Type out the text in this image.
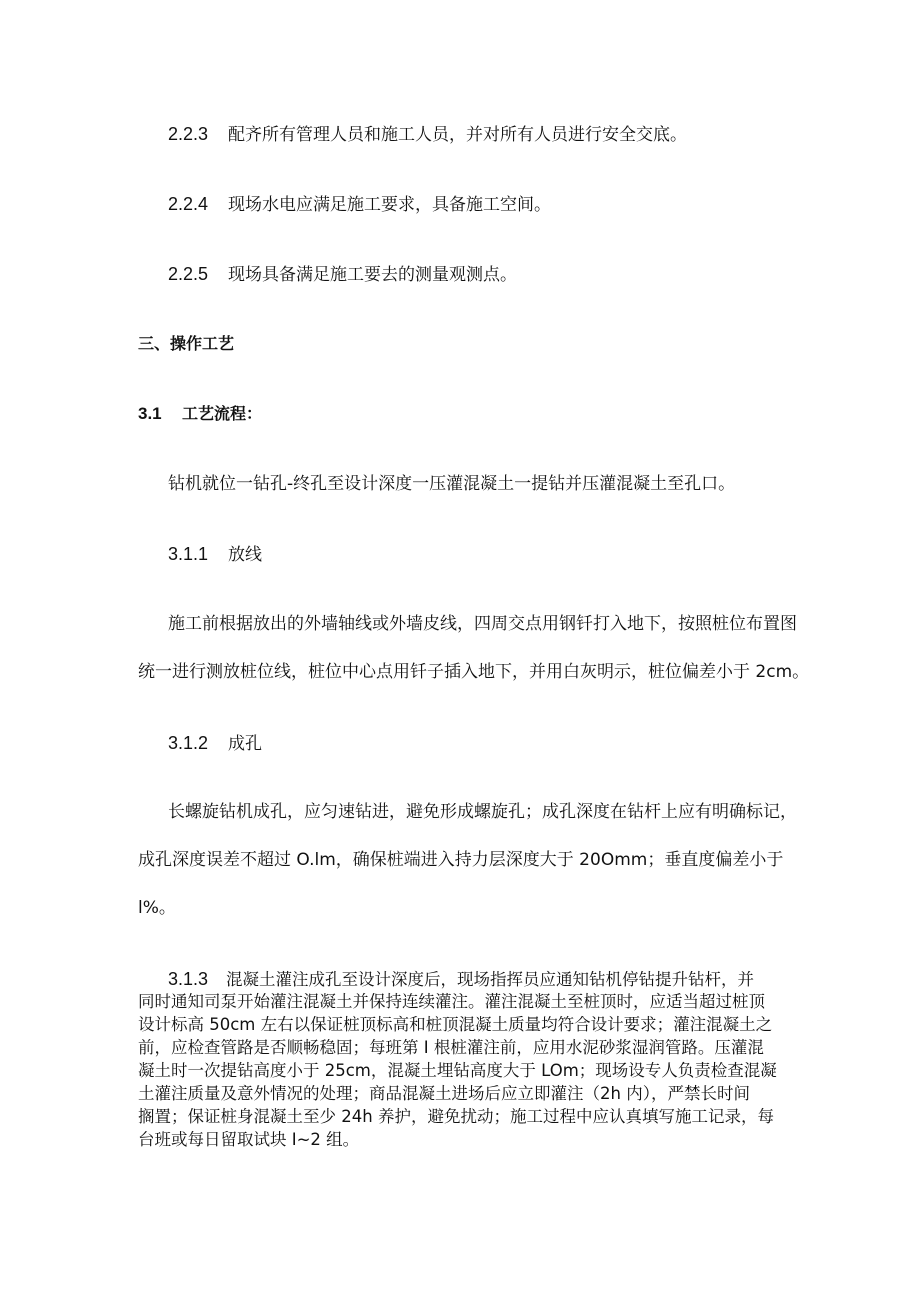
2.2.3 配齐所有管理人员和施工人员，并对所有人员进行安全交底。
2.2.4 现场水电应满足施工要求，具备施工空间。
2.2.5 现场具备满足施工要去的测量观测点。
三、操作工艺
3.1 工艺流程：
钻机就位一钻孔-终孔至设计深度一压灌混凝土一提钻并压灌混凝土至孔口。
3.1.1 放线
施工前根据放出的外墙轴线或外墙皮线，四周交点用钢钎打入地下，按照桩位布置图
统一进行测放桩位线，桩位中心点用钎子插入地下，并用白灰明示，桩位偏差小于 2cm。
3.1.2 成孔
长螺旋钻机成孔，应匀速钻进，避免形成螺旋孔；成孔深度在钻杆上应有明确标记，
成孔深度误差不超过 O.lm，确保桩端进入持力层深度大于 20Omm；垂直度偏差小于
l%。
3.1.3 混凝土灌注成孔至设计深度后，现场指挥员应通知钻机停钻提升钻杆，并
同时通知司泵开始灌注混凝土并保持连续灌注。灌注混凝土至桩顶时，应适当超过桩顶
设计标高 50cm 左右以保证桩顶标高和桩顶混凝土质量均符合设计要求；灌注混凝土之
前，应检查管路是否顺畅稳固；每班第 I 根桩灌注前，应用水泥砂浆湿润管路。压灌混
凝土时一次提钻高度小于 25cm，混凝土埋钻高度大于 LOm；现场设专人负责检查混凝
土灌注质量及意外情况的处理；商品混凝土进场后应立即灌注（2h 内），严禁长时间
搁置；保证桩身混凝土至少 24h 养护，避免扰动；施工过程中应认真填写施工记录，每
台班或每日留取试块 I~2 组。
